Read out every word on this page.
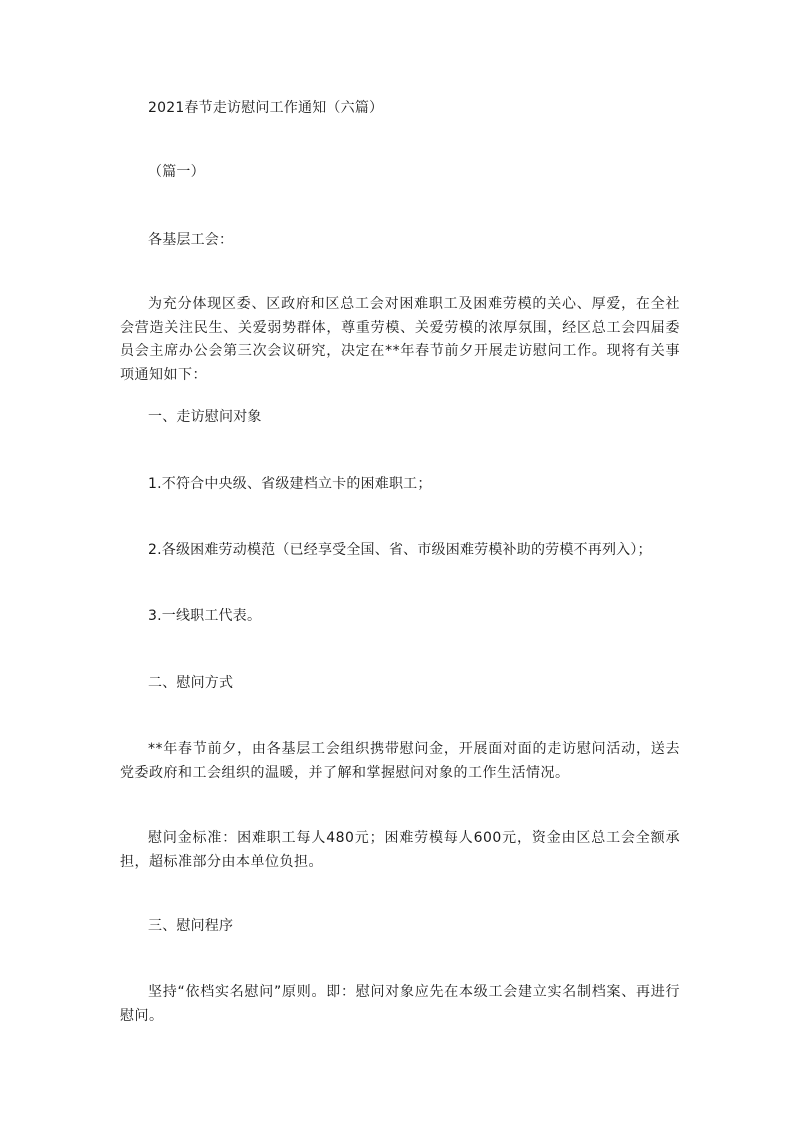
2021春节走访慰问工作通知（六篇）
（篇一）
各基层工会：
为充分体现区委、区政府和区总工会对困难职工及困难劳模的关心、厚爱，在全社会营造关注民生、关爱弱势群体，尊重劳模、关爱劳模的浓厚氛围，经区总工会四届委员会主席办公会第三次会议研究，决定在**年春节前夕开展走访慰问工作。现将有关事项通知如下：
一、走访慰问对象
1.不符合中央级、省级建档立卡的困难职工；
2.各级困难劳动模范（已经享受全国、省、市级困难劳模补助的劳模不再列入）；
3.一线职工代表。
二、慰问方式
**年春节前夕，由各基层工会组织携带慰问金，开展面对面的走访慰问活动，送去党委政府和工会组织的温暖，并了解和掌握慰问对象的工作生活情况。
慰问金标准：困难职工每人480元；困难劳模每人600元，资金由区总工会全额承担，超标准部分由本单位负担。
三、慰问程序
坚持“依档实名慰问”原则。即：慰问对象应先在本级工会建立实名制档案、再进行慰问。
